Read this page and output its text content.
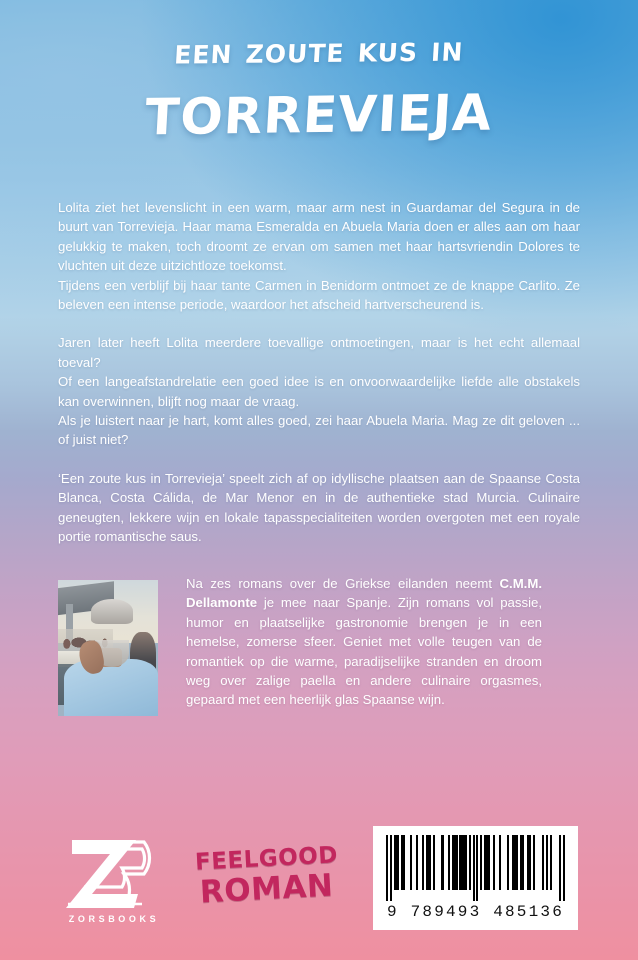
een zoute kus in
torrevieja

Lolita ziet het levenslicht in een warm, maar arm nest in Guardamar del Segura in de buurt van Torrevieja. Haar mama Esmeralda en Abuela Maria doen er alles aan om haar gelukkig te maken, toch droomt ze ervan om samen met haar hartsvriendin Dolores te vluchten uit deze uitzichtloze toekomst.

Tijdens een verblijf bij haar tante Carmen in Benidorm ontmoet ze de knappe Carlito. Ze beleven een intense periode, waardoor het afscheid hartverscheurend is.

Jaren later heeft Lolita meerdere toevallige ontmoetingen, maar is het echt allemaal toeval?

Of een langeafstandrelatie een goed idee is en onvoorwaardelijke liefde alle obstakels kan overwinnen, blijft nog maar de vraag.

Als je luistert naar je hart, komt alles goed, zei haar Abuela Maria. Mag ze dit geloven ... of juist niet?

‘Een zoute kus in Torrevieja’ speelt zich af op idyllische plaatsen aan de Spaanse Costa Blanca, Costa Cálida, de Mar Menor en in de authentieke stad Murcia. Culinaire geneugten, lekkere wijn en lokale tapasspecialiteiten worden overgoten met een royale portie romantische saus.

Na zes romans over de Griekse eilanden neemt C.M.M. Dellamonte je mee naar Spanje. Zijn romans vol passie, humor en plaatselijke gastronomie brengen je in een hemelse, zomerse sfeer. Geniet met volle teugen van de romantiek op die warme, paradijselijke stranden en droom weg over zalige paella en andere culinaire orgasmes, gepaard met een heerlijk glas Spaanse wijn.
ZORSBOOKS
FEELGOOD
ROMAN
9 789493 485136
